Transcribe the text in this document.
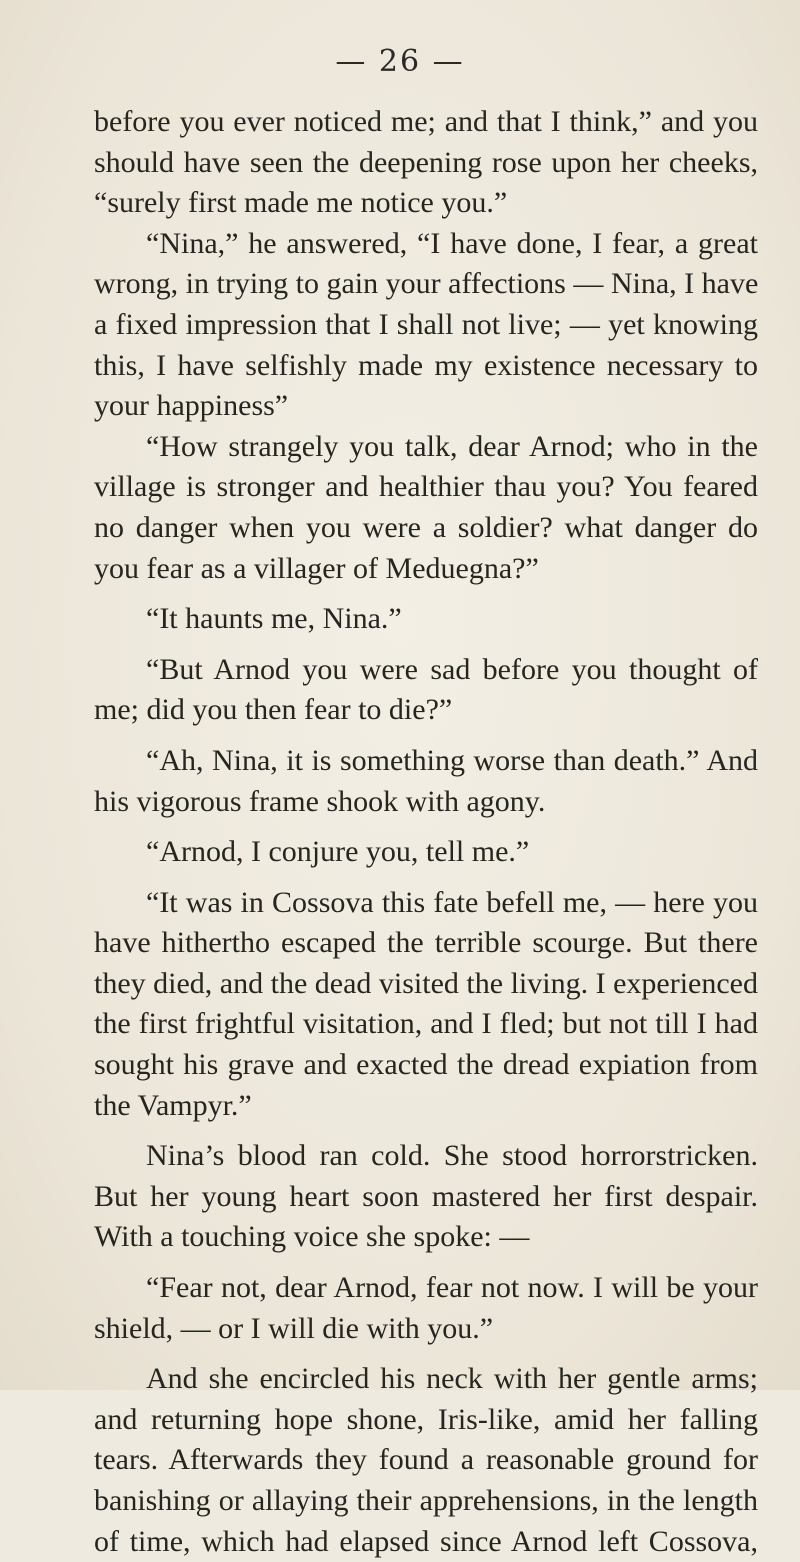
— 26 —
before you ever noticed me; and that I think,” and you
should have seen the deepening rose upon her cheeks,
“surely first made me notice you.”
“Nina,” he answered, “I have done, I fear, a great
wrong, in trying to gain your affections — Nina, I have
a fixed impression that I shall not live; — yet knowing
this, I have selfishly made my existence necessary to
your happiness”
“How strangely you talk, dear Arnod; who in the
village is stronger and healthier thau you? You feared
no danger when you were a soldier? what danger do
you fear as a villager of Meduegna?”
“It haunts me, Nina.”
“But Arnod you were sad before you thought of
me; did you then fear to die?”
“Ah, Nina, it is something worse than death.” And
his vigorous frame shook with agony.
“Arnod, I conjure you, tell me.”
“It was in Cossova this fate befell me, — here you
have hithertho escaped the terrible scourge. But there
they died, and the dead visited the living. I experienced
the first frightful visitation, and I fled; but not till I had
sought his grave and exacted the dread expiation from
the Vampyr.”
Nina’s blood ran cold. She stood horrorstricken.
But her young heart soon mastered her first despair.
With a touching voice she spoke: —
“Fear not, dear Arnod, fear not now. I will be your
shield, — or I will die with you.”
And she encircled his neck with her gentle arms;
and returning hope shone, Iris-like, amid her falling
tears. Afterwards they found a reasonable ground for
banishing or allaying their apprehensions, in the length
of time, which had elapsed since Arnod left Cossova,
